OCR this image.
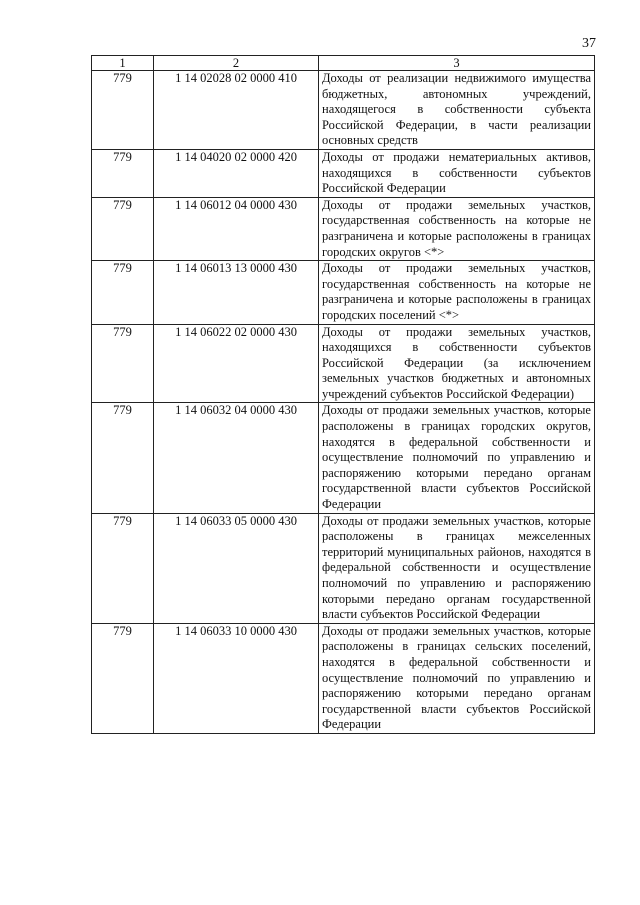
37
1	2	3
779	1 14 02028 02 0000 410	Доходы от реализации недвижимого имущества бюджетных, автономных учреждений, находящегося в собственности субъекта Российской Федерации, в части реализации основных средств
779	1 14 04020 02 0000 420	Доходы от продажи нематериальных активов, находящихся в собственности субъектов Российской Федерации
779	1 14 06012 04 0000 430	Доходы от продажи земельных участков, государственная собственность на которые не разграничена и которые расположены в границах городских округов <*>
779	1 14 06013 13 0000 430	Доходы от продажи земельных участков, государственная собственность на которые не разграничена и которые расположены в границах городских поселений <*>
779	1 14 06022 02 0000 430	Доходы от продажи земельных участков, находящихся в собственности субъектов Российской Федерации (за исключением земельных участков бюджетных и автономных учреждений субъектов Российской Федерации)
779	1 14 06032 04 0000 430	Доходы от продажи земельных участков, которые расположены в границах городских округов, находятся в федеральной собственности и осуществление полномочий по управлению и распоряжению которыми передано органам государственной власти субъектов Российской Федерации
779	1 14 06033 05 0000 430	Доходы от продажи земельных участков, которые расположены в границах межселенных территорий муниципальных районов, находятся в федеральной собственности и осуществление полномочий по управлению и распоряжению которыми передано органам государственной власти субъектов Российской Федерации
779	1 14 06033 10 0000 430	Доходы от продажи земельных участков, которые расположены в границах сельских поселений, находятся в федеральной собственности и осуществление полномочий по управлению и распоряжению которыми передано органам государственной власти субъектов Российской Федерации
